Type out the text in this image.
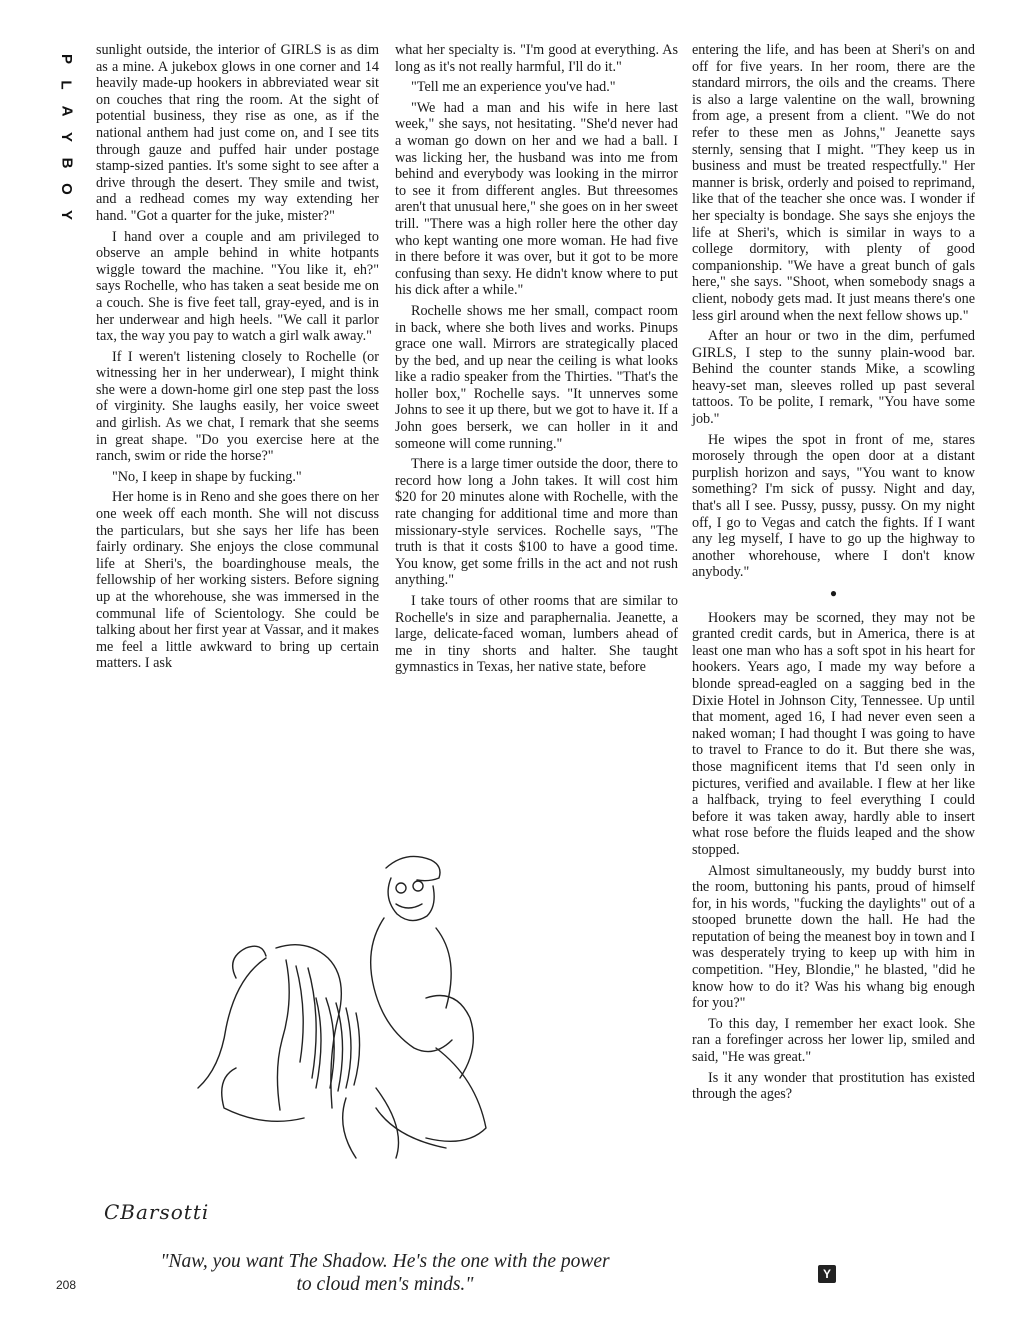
P
L
A
Y
B
O
Y

sunlight outside, the interior of GIRLS is as dim as a mine. A jukebox glows in one corner and 14 heavily made-up hookers in abbreviated wear sit on couches that ring the room. At the sight of potential business, they rise as one, as if the national anthem had just come on, and I see tits through gauze and puffed hair under postage stamp-sized panties. It's some sight to see after a drive through the desert. They smile and twist, and a redhead comes my way extending her hand. "Got a quarter for the juke, mister?"

I hand over a couple and am privileged to observe an ample behind in white hotpants wiggle toward the machine. "You like it, eh?" says Rochelle, who has taken a seat beside me on a couch. She is five feet tall, gray-eyed, and is in her underwear and high heels. "We call it parlor tax, the way you pay to watch a girl walk away."

If I weren't listening closely to Rochelle (or witnessing her in her underwear), I might think she were a down-home girl one step past the loss of virginity. She laughs easily, her voice sweet and girlish. As we chat, I remark that she seems in great shape. "Do you exercise here at the ranch, swim or ride the horse?"

"No, I keep in shape by fucking."

Her home is in Reno and she goes there on her one week off each month. She will not discuss the particulars, but she says her life has been fairly ordinary. She enjoys the close communal life at Sheri's, the boardinghouse meals, the fellowship of her working sisters. Before signing up at the whorehouse, she was immersed in the communal life of Scientology. She could be talking about her first year at Vassar, and it makes me feel a little awkward to bring up certain matters. I ask

what her specialty is. "I'm good at everything. As long as it's not really harmful, I'll do it."

"Tell me an experience you've had."

"We had a man and his wife in here last week," she says, not hesitating. "She'd never had a woman go down on her and we had a ball. I was licking her, the husband was into me from behind and everybody was looking in the mirror to see it from different angles. But threesomes aren't that unusual here," she goes on in her sweet trill. "There was a high roller here the other day who kept wanting one more woman. He had five in there before it was over, but it got to be more confusing than sexy. He didn't know where to put his dick after a while."

Rochelle shows me her small, compact room in back, where she both lives and works. Pinups grace one wall. Mirrors are strategically placed by the bed, and up near the ceiling is what looks like a radio speaker from the Thirties. "That's the holler box," Rochelle says. "It unnerves some Johns to see it up there, but we got to have it. If a John goes berserk, we can holler in it and someone will come running."

There is a large timer outside the door, there to record how long a John takes. It will cost him $20 for 20 minutes alone with Rochelle, with the rate changing for additional time and more than missionary-style services. Rochelle says, "The truth is that it costs $100 to have a good time. You know, get some frills in the act and not rush anything."

I take tours of other rooms that are similar to Rochelle's in size and paraphernalia. Jeanette, a large, delicate-faced woman, lumbers ahead of me in tiny shorts and halter. She taught gymnastics in Texas, her native state, before

entering the life, and has been at Sheri's on and off for five years. In her room, there are the standard mirrors, the oils and the creams. There is also a large valentine on the wall, browning from age, a present from a client. "We do not refer to these men as Johns," Jeanette says sternly, sensing that I might. "They keep us in business and must be treated respectfully." Her manner is brisk, orderly and poised to reprimand, like that of the teacher she once was. I wonder if her specialty is bondage. She says she enjoys the life at Sheri's, which is similar in ways to a college dormitory, with plenty of good companionship. "We have a great bunch of gals here," she says. "Shoot, when somebody snags a client, nobody gets mad. It just means there's one less girl around when the next fellow shows up."

After an hour or two in the dim, perfumed GIRLS, I step to the sunny plain-wood bar. Behind the counter stands Mike, a scowling heavy-set man, sleeves rolled up past several tattoos. To be polite, I remark, "You have some job."

He wipes the spot in front of me, stares morosely through the open door at a distant purplish horizon and says, "You want to know something? I'm sick of pussy. Night and day, that's all I see. Pussy, pussy, pussy. On my night off, I go to Vegas and catch the fights. If I want any leg myself, I have to go up the highway to another whorehouse, where I don't know anybody."

●

Hookers may be scorned, they may not be granted credit cards, but in America, there is at least one man who has a soft spot in his heart for hookers. Years ago, I made my way before a blonde spread-eagled on a sagging bed in the Dixie Hotel in Johnson City, Tennessee. Up until that moment, aged 16, I had never even seen a naked woman; I had thought I was going to have to travel to France to do it. But there she was, those magnificent items that I'd seen only in pictures, verified and available. I flew at her like a halfback, trying to feel everything I could before it was taken away, hardly able to insert what rose before the fluids leaped and the show stopped.

Almost simultaneously, my buddy burst into the room, buttoning his pants, proud of himself for, in his words, "fucking the daylights" out of a stooped brunette down the hall. He had the reputation of being the meanest boy in town and I was desperately trying to keep up with him in competition. "Hey, Blondie," he blasted, "did he know how to do it? Was his whang big enough for you?"

To this day, I remember her exact look. She ran a forefinger across her lower lip, smiled and said, "He was great."

Is it any wonder that prostitution has existed through the ages?

CBarsotti
"Naw, you want The Shadow. He's the one with the power
to cloud men's minds."
208
Y
